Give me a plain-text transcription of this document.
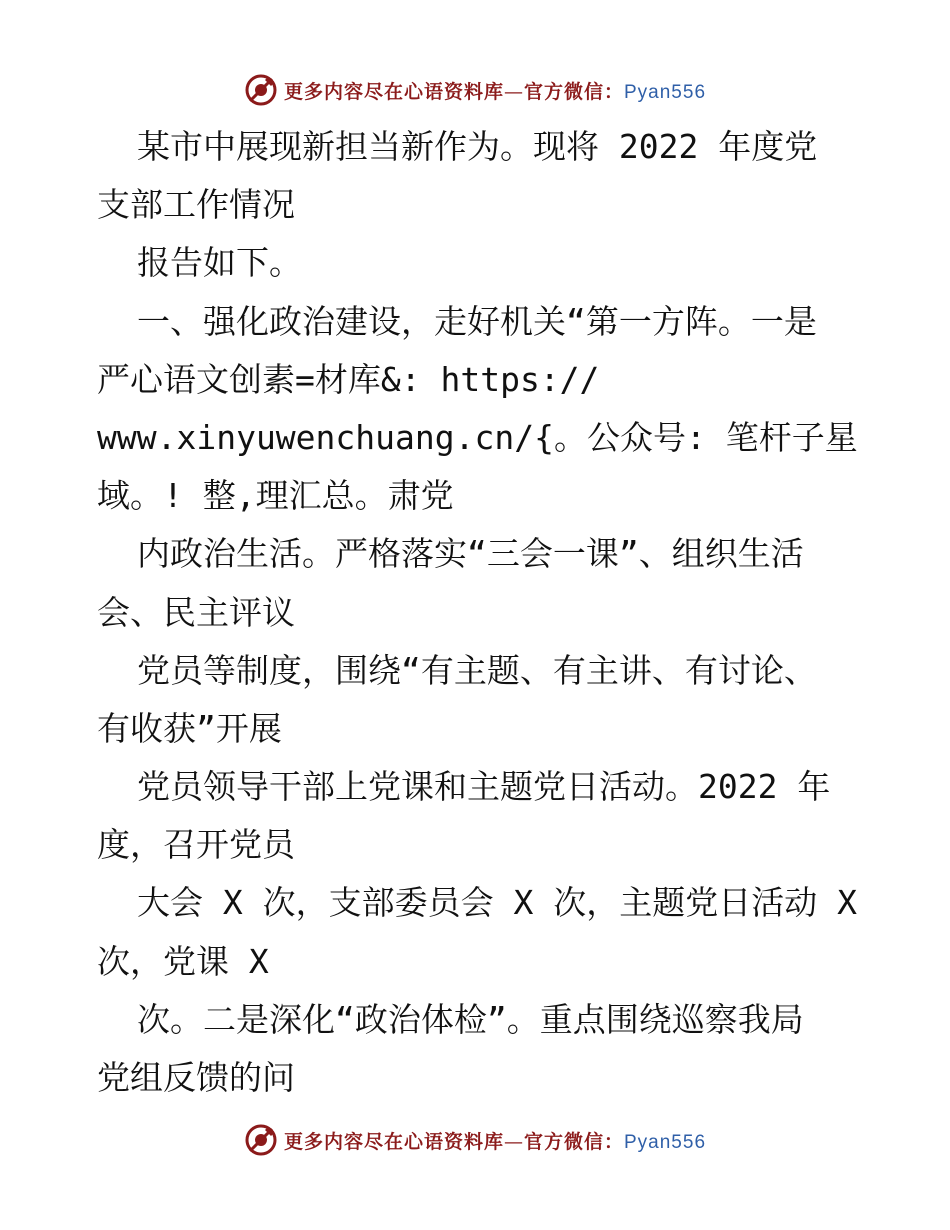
更多内容尽在心语资料库—官方微信：Pyan556
某市中展现新担当新作为。现将 2022 年度党
支部工作情况
报告如下。
一、强化政治建设，走好机关“第一方阵。一是
严心语文创素=材库&: https://
www.xinyuwenchuang.cn/{。公众号: 笔杆子星
域。! 整,理汇总。肃党
内政治生活。严格落实“三会一课”、组织生活
会、民主评议
党员等制度，围绕“有主题、有主讲、有讨论、
有收获”开展
党员领导干部上党课和主题党日活动。2022 年
度，召开党员
大会 X 次，支部委员会 X 次，主题党日活动 X
次，党课 X
次。二是深化“政治体检”。重点围绕巡察我局
党组反馈的问
更多内容尽在心语资料库—官方微信：Pyan556
